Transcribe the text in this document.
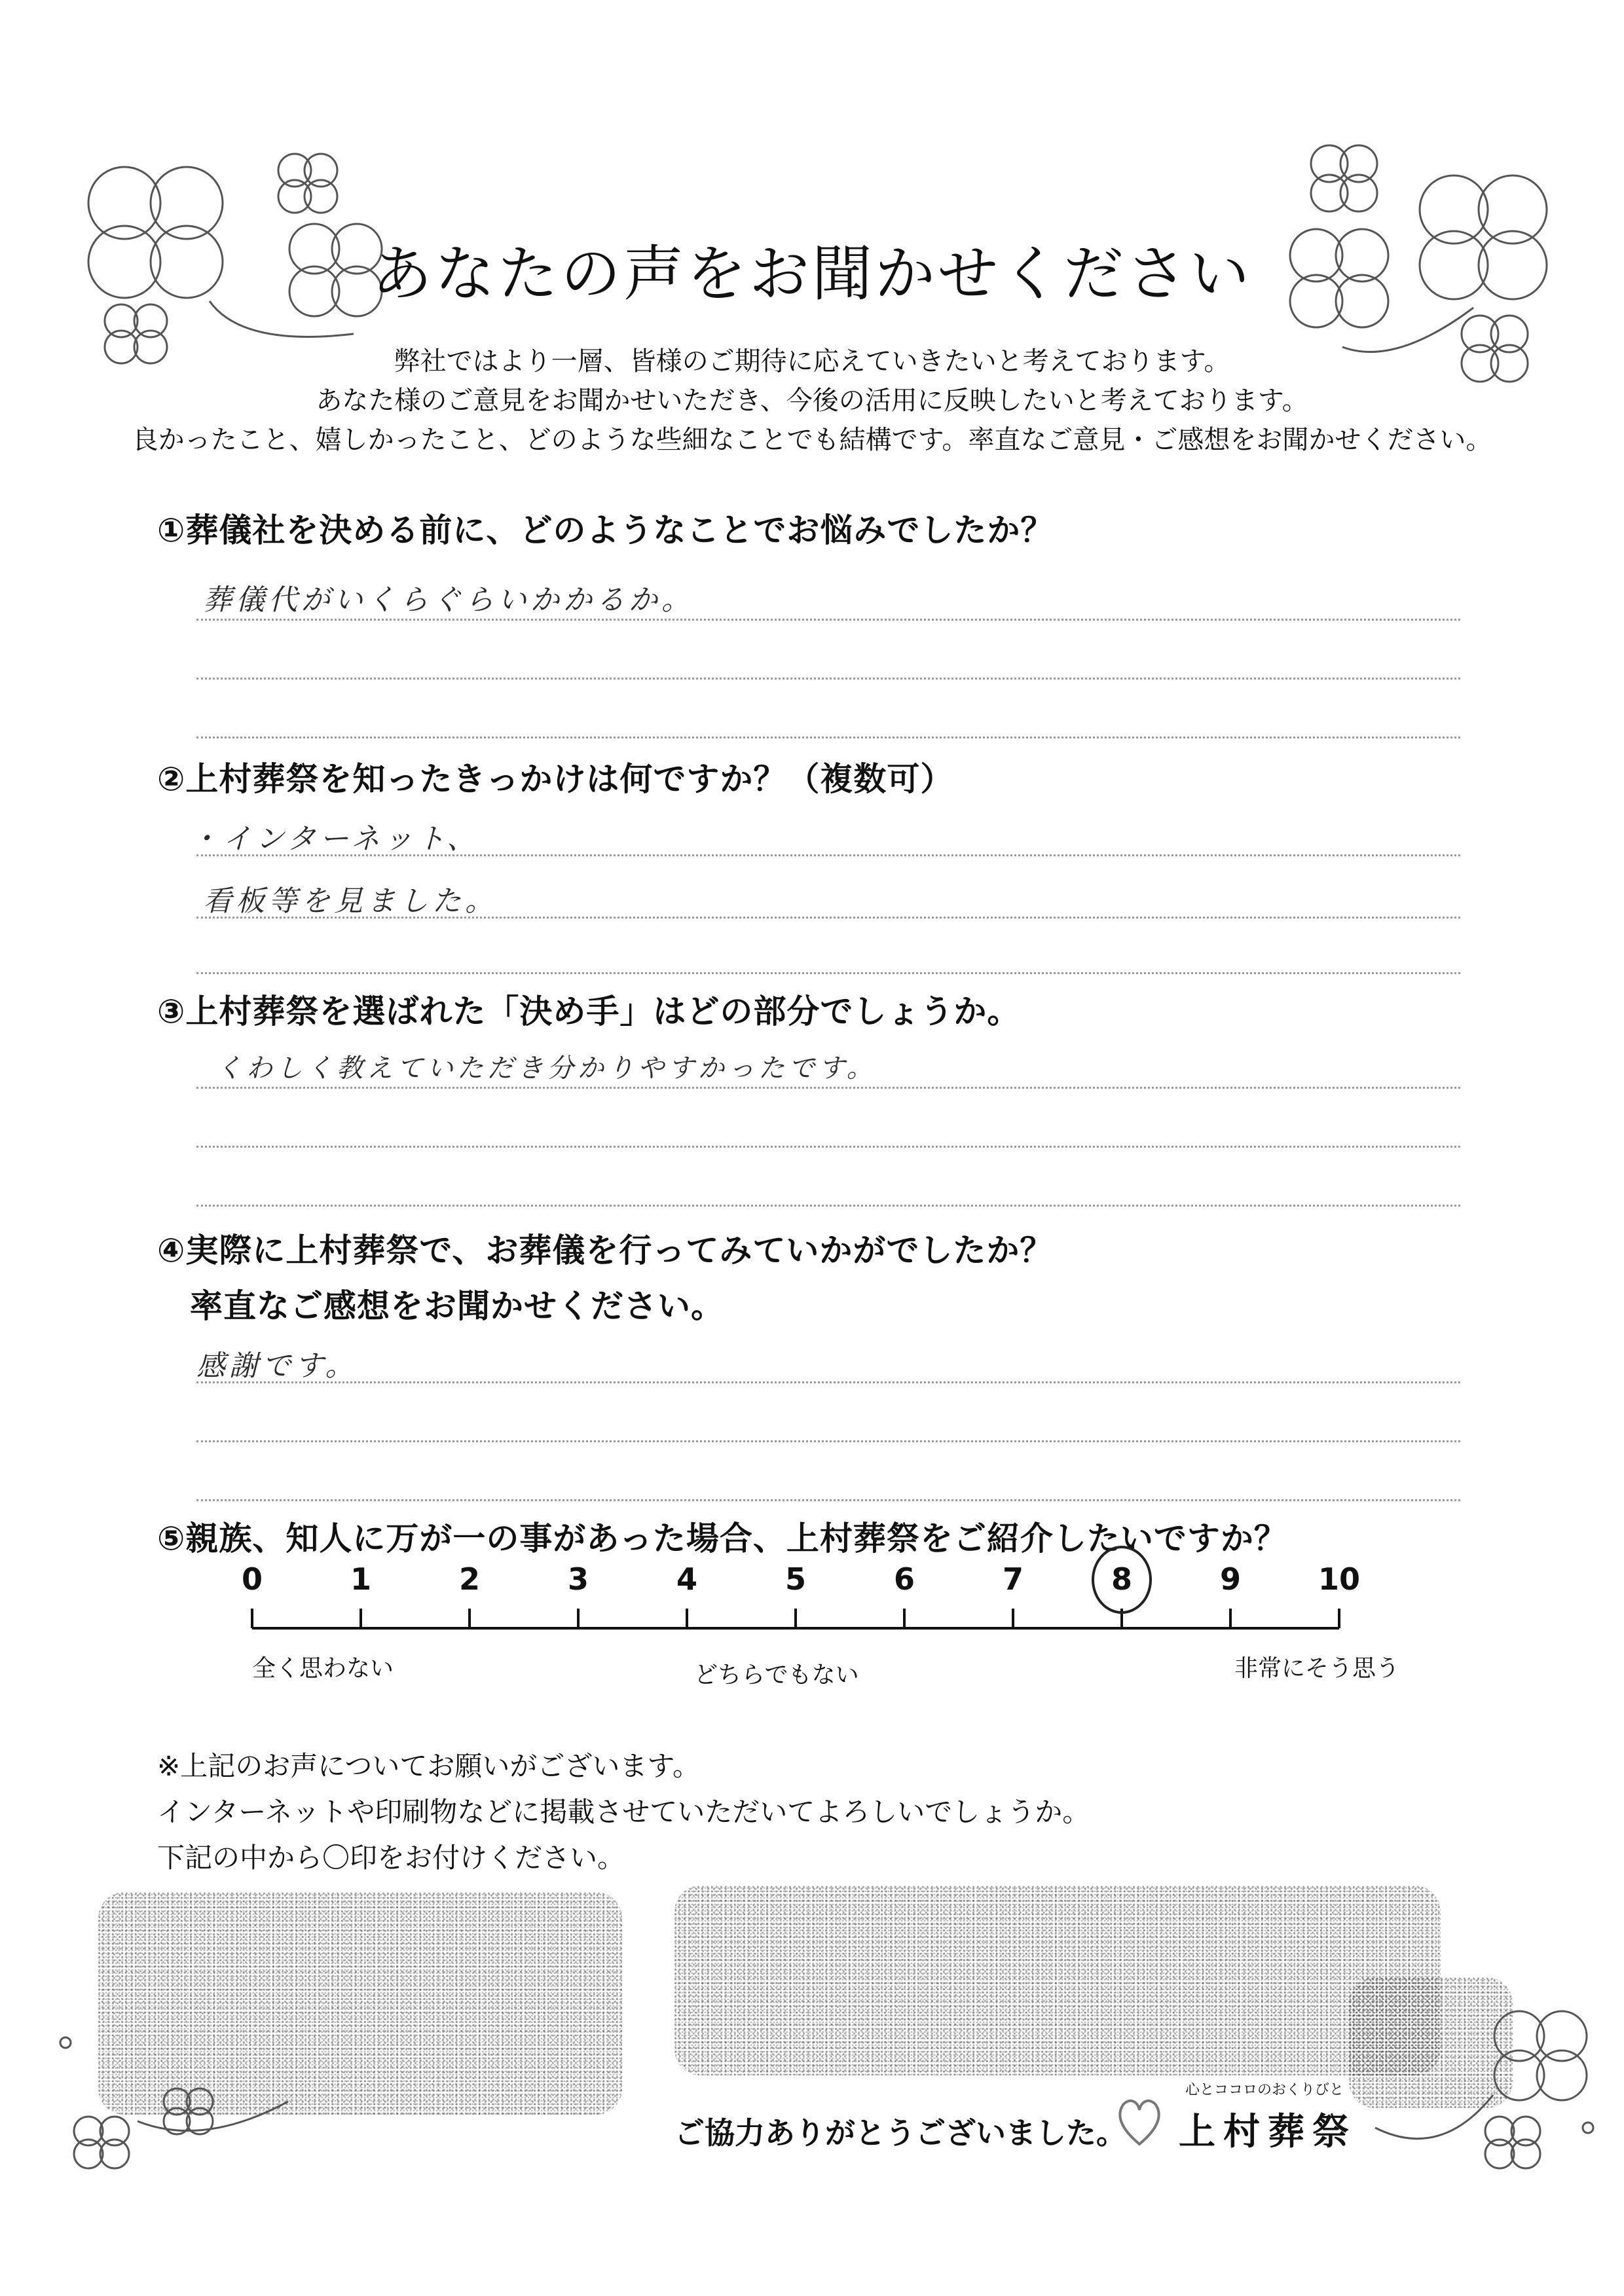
あなたの声をお聞かせください
弊社ではより一層、皆様のご期待に応えていきたいと考えております。
あなた様のご意見をお聞かせいただき、今後の活用に反映したいと考えております。
良かったこと、嬉しかったこと、どのような些細なことでも結構です。率直なご意見・ご感想をお聞かせください。
①葬儀社を決める前に、どのようなことでお悩みでしたか？
葬儀代がいくらぐらいかかるか。
②上村葬祭を知ったきっかけは何ですか？（複数可）
・インターネット、
看板等を見ました。
③上村葬祭を選ばれた「決め手」はどの部分でしょうか。
くわしく教えていただき分かりやすかったです。
④実際に上村葬祭で、お葬儀を行ってみていかがでしたか？
率直なご感想をお聞かせください。
感謝です。
⑤親族、知人に万が一の事があった場合、上村葬祭をご紹介したいですか？
0	1	2	3	4	5	6	7	8	9	10
全く思わない	どちらでもない	非常にそう思う
※上記のお声についてお願いがございます。
インターネットや印刷物などに掲載させていただいてよろしいでしょうか。
下記の中から〇印をお付けください。
ご協力ありがとうございました。
心とココロのおくりびと
上村葬祭
